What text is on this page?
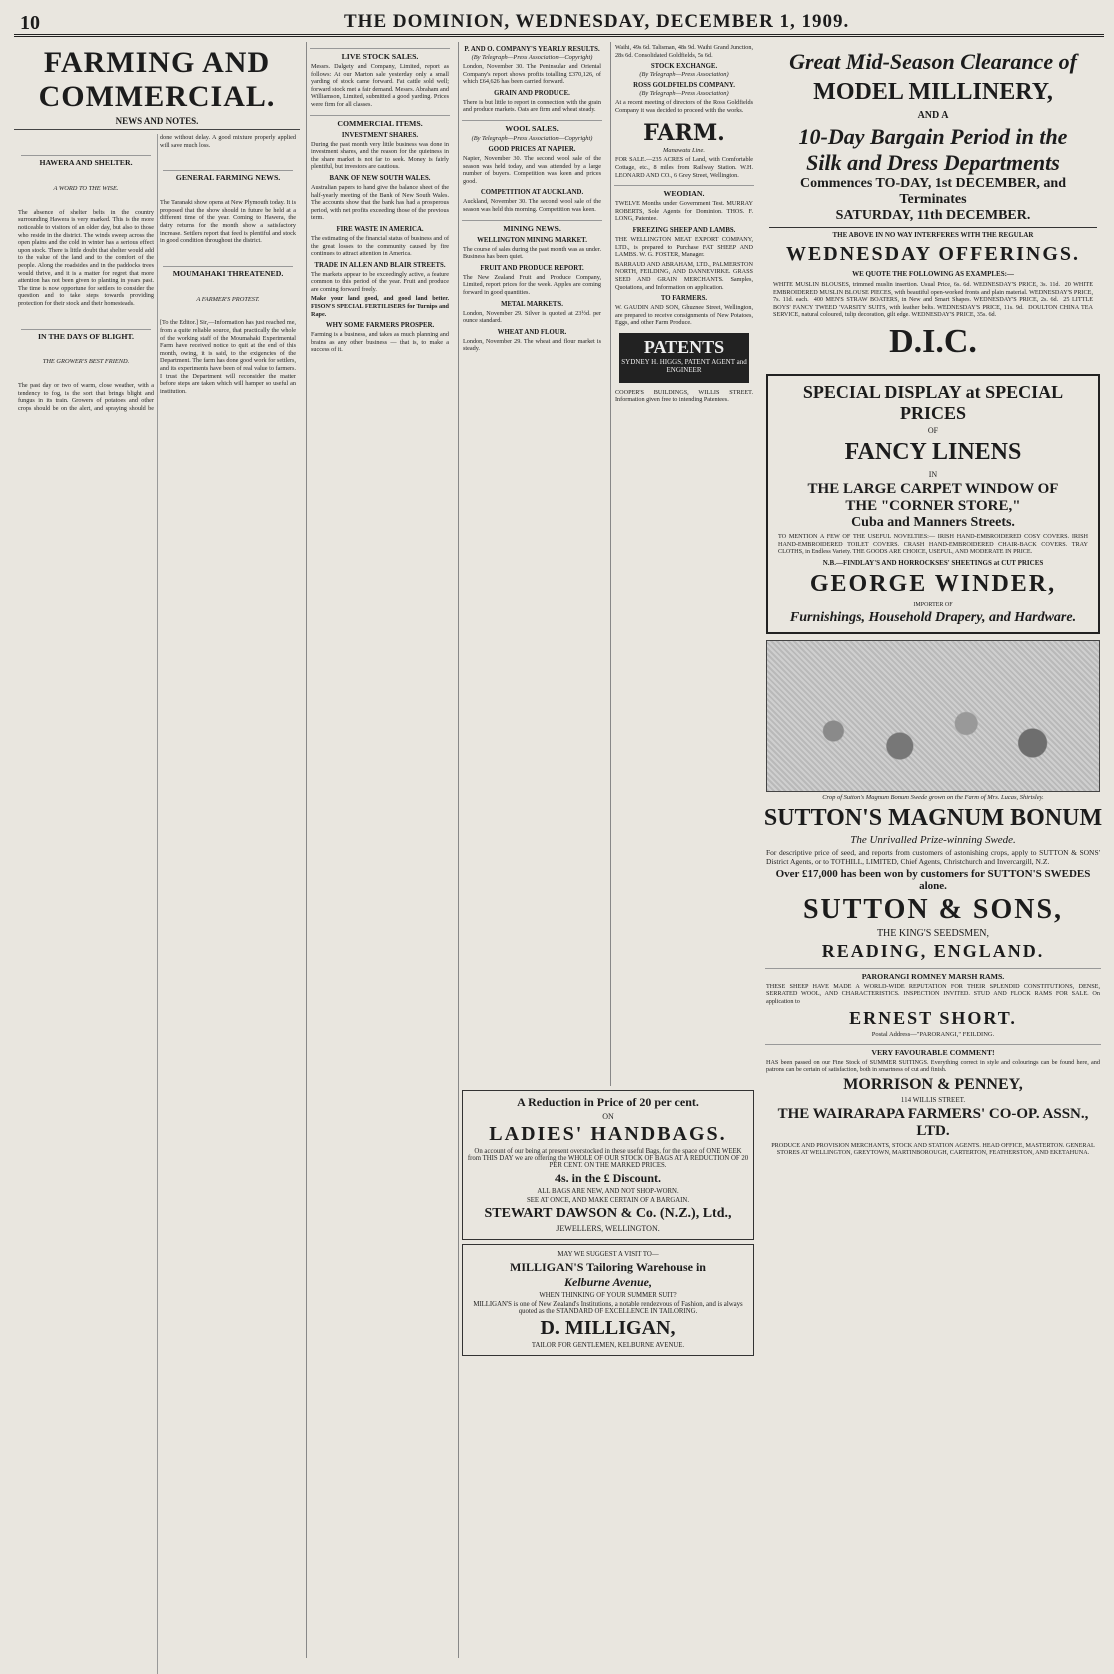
10	THE DOMINION, WEDNESDAY, DECEMBER 1, 1909.
FARMING AND COMMERCIAL.
NEWS AND NOTES.

HAWERA AND SHELTER.

A WORD TO THE WISE.

The absence of shelter belts in the country surrounding Hawera is very marked. This is the more noticeable to visitors of an older day, but also to those who reside in the district. The winds sweep across the open plains and the cold in winter has a serious effect upon stock. There is little doubt that shelter would add to the value of the land and to the comfort of the people. Along the roadsides and in the paddocks trees would thrive, and it is a matter for regret that more attention has not been given to planting in years past. The time is now opportune for settlers to consider the question and to take steps towards providing protection for their stock and their homesteads.

IN THE DAYS OF BLIGHT.

THE GROWER'S BEST FRIEND.

The past day or two of warm, close weather, with a tendency to fog, is the sort that brings blight and fungus in its train. Growers of potatoes and other crops should be on the alert, and spraying should be done without delay. A good mixture properly applied will save much loss.

GENERAL FARMING NEWS.

The Taranaki show opens at New Plymouth today. It is proposed that the show should in future be held at a different time of the year. Coming to Hawera, the dairy returns for the month show a satisfactory increase. Settlers report that feed is plentiful and stock in good condition throughout the district.

MOUMAHAKI THREATENED.

A FARMER'S PROTEST.

[To the Editor.] Sir,—Information has just reached me, from a quite reliable source, that practically the whole of the working staff of the Moumahaki Experimental Farm have received notice to quit at the end of this month, owing, it is said, to the exigencies of the Department. The farm has done good work for settlers, and its experiments have been of real value to farmers. I trust the Department will reconsider the matter before steps are taken which will hamper so useful an institution.

LIVE STOCK SALES.
Messrs. Dalgety and Company, Limited, report as follows: At our Marton sale yesterday only a small yarding of stock came forward. Fat cattle sold well; forward stock met a fair demand. Messrs. Abraham and Williamson, Limited, submitted a good yarding. Prices were firm for all classes.
COMMERCIAL ITEMS.
INVESTMENT SHARES.
During the past month very little business was done in investment shares, and the reason for the quietness in the share market is not far to seek. Money is fairly plentiful, but investors are cautious.
BANK OF NEW SOUTH WALES.
Australian papers to hand give the balance sheet of the half-yearly meeting of the Bank of New South Wales. The accounts show that the bank has had a prosperous period, with net profits exceeding those of the previous term.
FIRE WASTE IN AMERICA.
The estimating of the financial status of business and of the great losses to the community caused by fire continues to attract attention in America.
TRADE IN ALLEN AND BLAIR STREETS.
The markets appear to be exceedingly active, a feature common to this period of the year. Fruit and produce are coming forward freely.
Make your land good, and good land better. FISON'S SPECIAL FERTILISERS for Turnips and Rape.
WHY SOME FARMERS PROSPER.
Farming is a business, and takes as much planning and brains as any other business — that is, to make a success of it.
P. AND O. COMPANY'S YEARLY RESULTS.
(By Telegraph—Press Association—Copyright)
London, November 30. The Peninsular and Oriental Company's report shows profits totalling £370,126, of which £64,626 has been carried forward.
GRAIN AND PRODUCE.
There is but little to report in connection with the grain and produce markets. Oats are firm and wheat steady.
WOOL SALES.
(By Telegraph—Press Association—Copyright)
GOOD PRICES AT NAPIER.
Napier, November 30. The second wool sale of the season was held today, and was attended by a large number of buyers. Competition was keen and prices good.
COMPETITION AT AUCKLAND.
Auckland, November 30. The second wool sale of the season was held this morning. Competition was keen.
MINING NEWS.
WELLINGTON MINING MARKET.
The course of sales during the past month was as under. Business has been quiet.
FRUIT AND PRODUCE REPORT.
The New Zealand Fruit and Produce Company, Limited, report prices for the week. Apples are coming forward in good quantities.
METAL MARKETS.
London, November 29. Silver is quoted at 23½d. per ounce standard.
WHEAT AND FLOUR.
London, November 29. The wheat and flour market is steady.
Waihi, 49s 6d. Talisman, 48s 9d. Waihi Grand Junction, 28s 6d. Consolidated Goldfields, 5s 6d.
STOCK EXCHANGE.
(By Telegraph—Press Association)
ROSS GOLDFIELDS COMPANY.
(By Telegraph—Press Association)
At a recent meeting of directors of the Ross Goldfields Company it was decided to proceed with the works.
FARM.
Manawatu Line.
FOR SALE.—235 ACRES of Land, with Comfortable Cottage, etc., 8 miles from Railway Station. W.H. LEONARD AND CO., 6 Grey Street, Wellington.
WEODIAN.
TWELVE Months under Government Test. MURRAY ROBERTS, Sole Agents for Dominion. THOS. F. LONG, Patentee.
FREEZING SHEEP AND LAMBS.
THE WELLINGTON MEAT EXPORT COMPANY, LTD., is prepared to Purchase FAT SHEEP AND LAMBS. W. G. FOSTER, Manager.
BARRAUD AND ABRAHAM, LTD., PALMERSTON NORTH, FEILDING, AND DANNEVIRKE. GRASS SEED AND GRAIN MERCHANTS. Samples, Quotations, and Information on application.
TO FARMERS.
W. GAUDIN AND SON, Ghuznee Street, Wellington, are prepared to receive consignments of New Potatoes, Eggs, and other Farm Produce.
PATENTS
SYDNEY H. HIGGS, PATENT AGENT and ENGINEER
COOPER'S BUILDINGS, WILLIS STREET. Information given free to intending Patentees.
A Reduction in Price of 20 per cent.
ON
LADIES' HANDBAGS.

On account of our being at present overstocked in these useful Bags, for the space of ONE WEEK from THIS DAY we are offering the WHOLE OF OUR STOCK OF BAGS AT A REDUCTION OF 20 PER CENT. ON THE MARKED PRICES.

4s. in the £ Discount.

ALL BAGS ARE NEW, AND NOT SHOP-WORN.

SEE AT ONCE, AND MAKE CERTAIN OF A BARGAIN.

STEWART DAWSON & Co. (N.Z.), Ltd.,
JEWELLERS, WELLINGTON.

MAY WE SUGGEST A VISIT TO—

MILLIGAN'S Tailoring Warehouse in
Kelburne Avenue,

WHEN THINKING OF YOUR SUMMER SUIT?

MILLIGAN'S is one of New Zealand's Institutions, a notable rendezvous of Fashion, and is always quoted as the STANDARD OF EXCELLENCE IN TAILORING.

D. MILLIGAN,

TAILOR FOR GENTLEMEN, KELBURNE AVENUE.

Great Mid-Season Clearance of
MODEL MILLINERY,
AND A
10-Day Bargain Period in the
Silk and Dress Departments
Commences TO-DAY, 1st DECEMBER, and Terminates
SATURDAY, 11th DECEMBER.
THE ABOVE IN NO WAY INTERFERES WITH THE REGULAR
WEDNESDAY OFFERINGS.
WE QUOTE THE FOLLOWING AS EXAMPLES:—
WHITE MUSLIN BLOUSES, trimmed muslin insertion. Usual Price, 6s. 6d. WEDNESDAY'S PRICE, 3s. 11d.  20 WHITE EMBROIDERED MUSLIN BLOUSE PIECES, with beautiful open-worked fronts and plain material. WEDNESDAY'S PRICE, 7s. 11d. each.  400 MEN'S STRAW BOATERS, in New and Smart Shapes. WEDNESDAY'S PRICE, 2s. 6d.  25 LITTLE BOYS' FANCY TWEED 'VARSITY SUITS, with leather belts. WEDNESDAY'S PRICE, 11s. 9d.  DOULTON CHINA TEA SERVICE, natural coloured, tulip decoration, gilt edge. WEDNESDAY'S PRICE, 35s. 6d.
D.I.C.
SPECIAL DISPLAY at SPECIAL PRICES
OF
FANCY LINENS
IN
THE LARGE CARPET WINDOW OF
THE "CORNER STORE,"
Cuba and Manners Streets.
TO MENTION A FEW OF THE USEFUL NOVELTIES:— IRISH HAND-EMBROIDERED COSY COVERS. IRISH HAND-EMBROIDERED TOILET COVERS. CRASH HAND-EMBROIDERED CHAIR-BACK COVERS. TRAY CLOTHS, in Endless Variety. THE GOODS ARE CHOICE, USEFUL, AND MODERATE IN PRICE.
N.B.—FINDLAY'S AND HORROCKSES' SHEETINGS at CUT PRICES
GEORGE WINDER,
IMPORTER OF
Furnishings, Household Drapery, and Hardware.
Crop of Sutton's Magnum Bonum Swede grown on the Farm of Mrs. Lucas, Shirtsley.
SUTTON'S MAGNUM BONUM
The Unrivalled Prize-winning Swede.
For descriptive price of seed, and reports from customers of astonishing crops, apply to SUTTON & SONS' District Agents, or to TOTHILL, LIMITED, Chief Agents, Christchurch and Invercargill, N.Z.
Over £17,000 has been won by customers for SUTTON'S SWEDES alone.
SUTTON & SONS,
THE KING'S SEEDSMEN,
READING, ENGLAND.
PARORANGI ROMNEY MARSH RAMS.
THESE SHEEP HAVE MADE A WORLD-WIDE REPUTATION FOR THEIR SPLENDID CONSTITUTIONS, DENSE, SERRATED WOOL, AND CHARACTERISTICS. INSPECTION INVITED. STUD AND FLOCK RAMS FOR SALE. On application to
ERNEST SHORT.
Postal Address—"PARORANGI," FEILDING.
VERY FAVOURABLE COMMENT!
HAS been passed on our Fine Stock of SUMMER SUITINGS. Everything correct in style and colourings can be found here, and patrons can be certain of satisfaction, both in smartness of cut and finish.
MORRISON & PENNEY,
114 WILLIS STREET.
THE WAIRARAPA FARMERS' CO-OP. ASSN., LTD.
PRODUCE AND PROVISION MERCHANTS, STOCK AND STATION AGENTS. HEAD OFFICE, MASTERTON. GENERAL STORES AT WELLINGTON, GREYTOWN, MARTINBOROUGH, CARTERTON, FEATHERSTON, AND EKETAHUNA.
